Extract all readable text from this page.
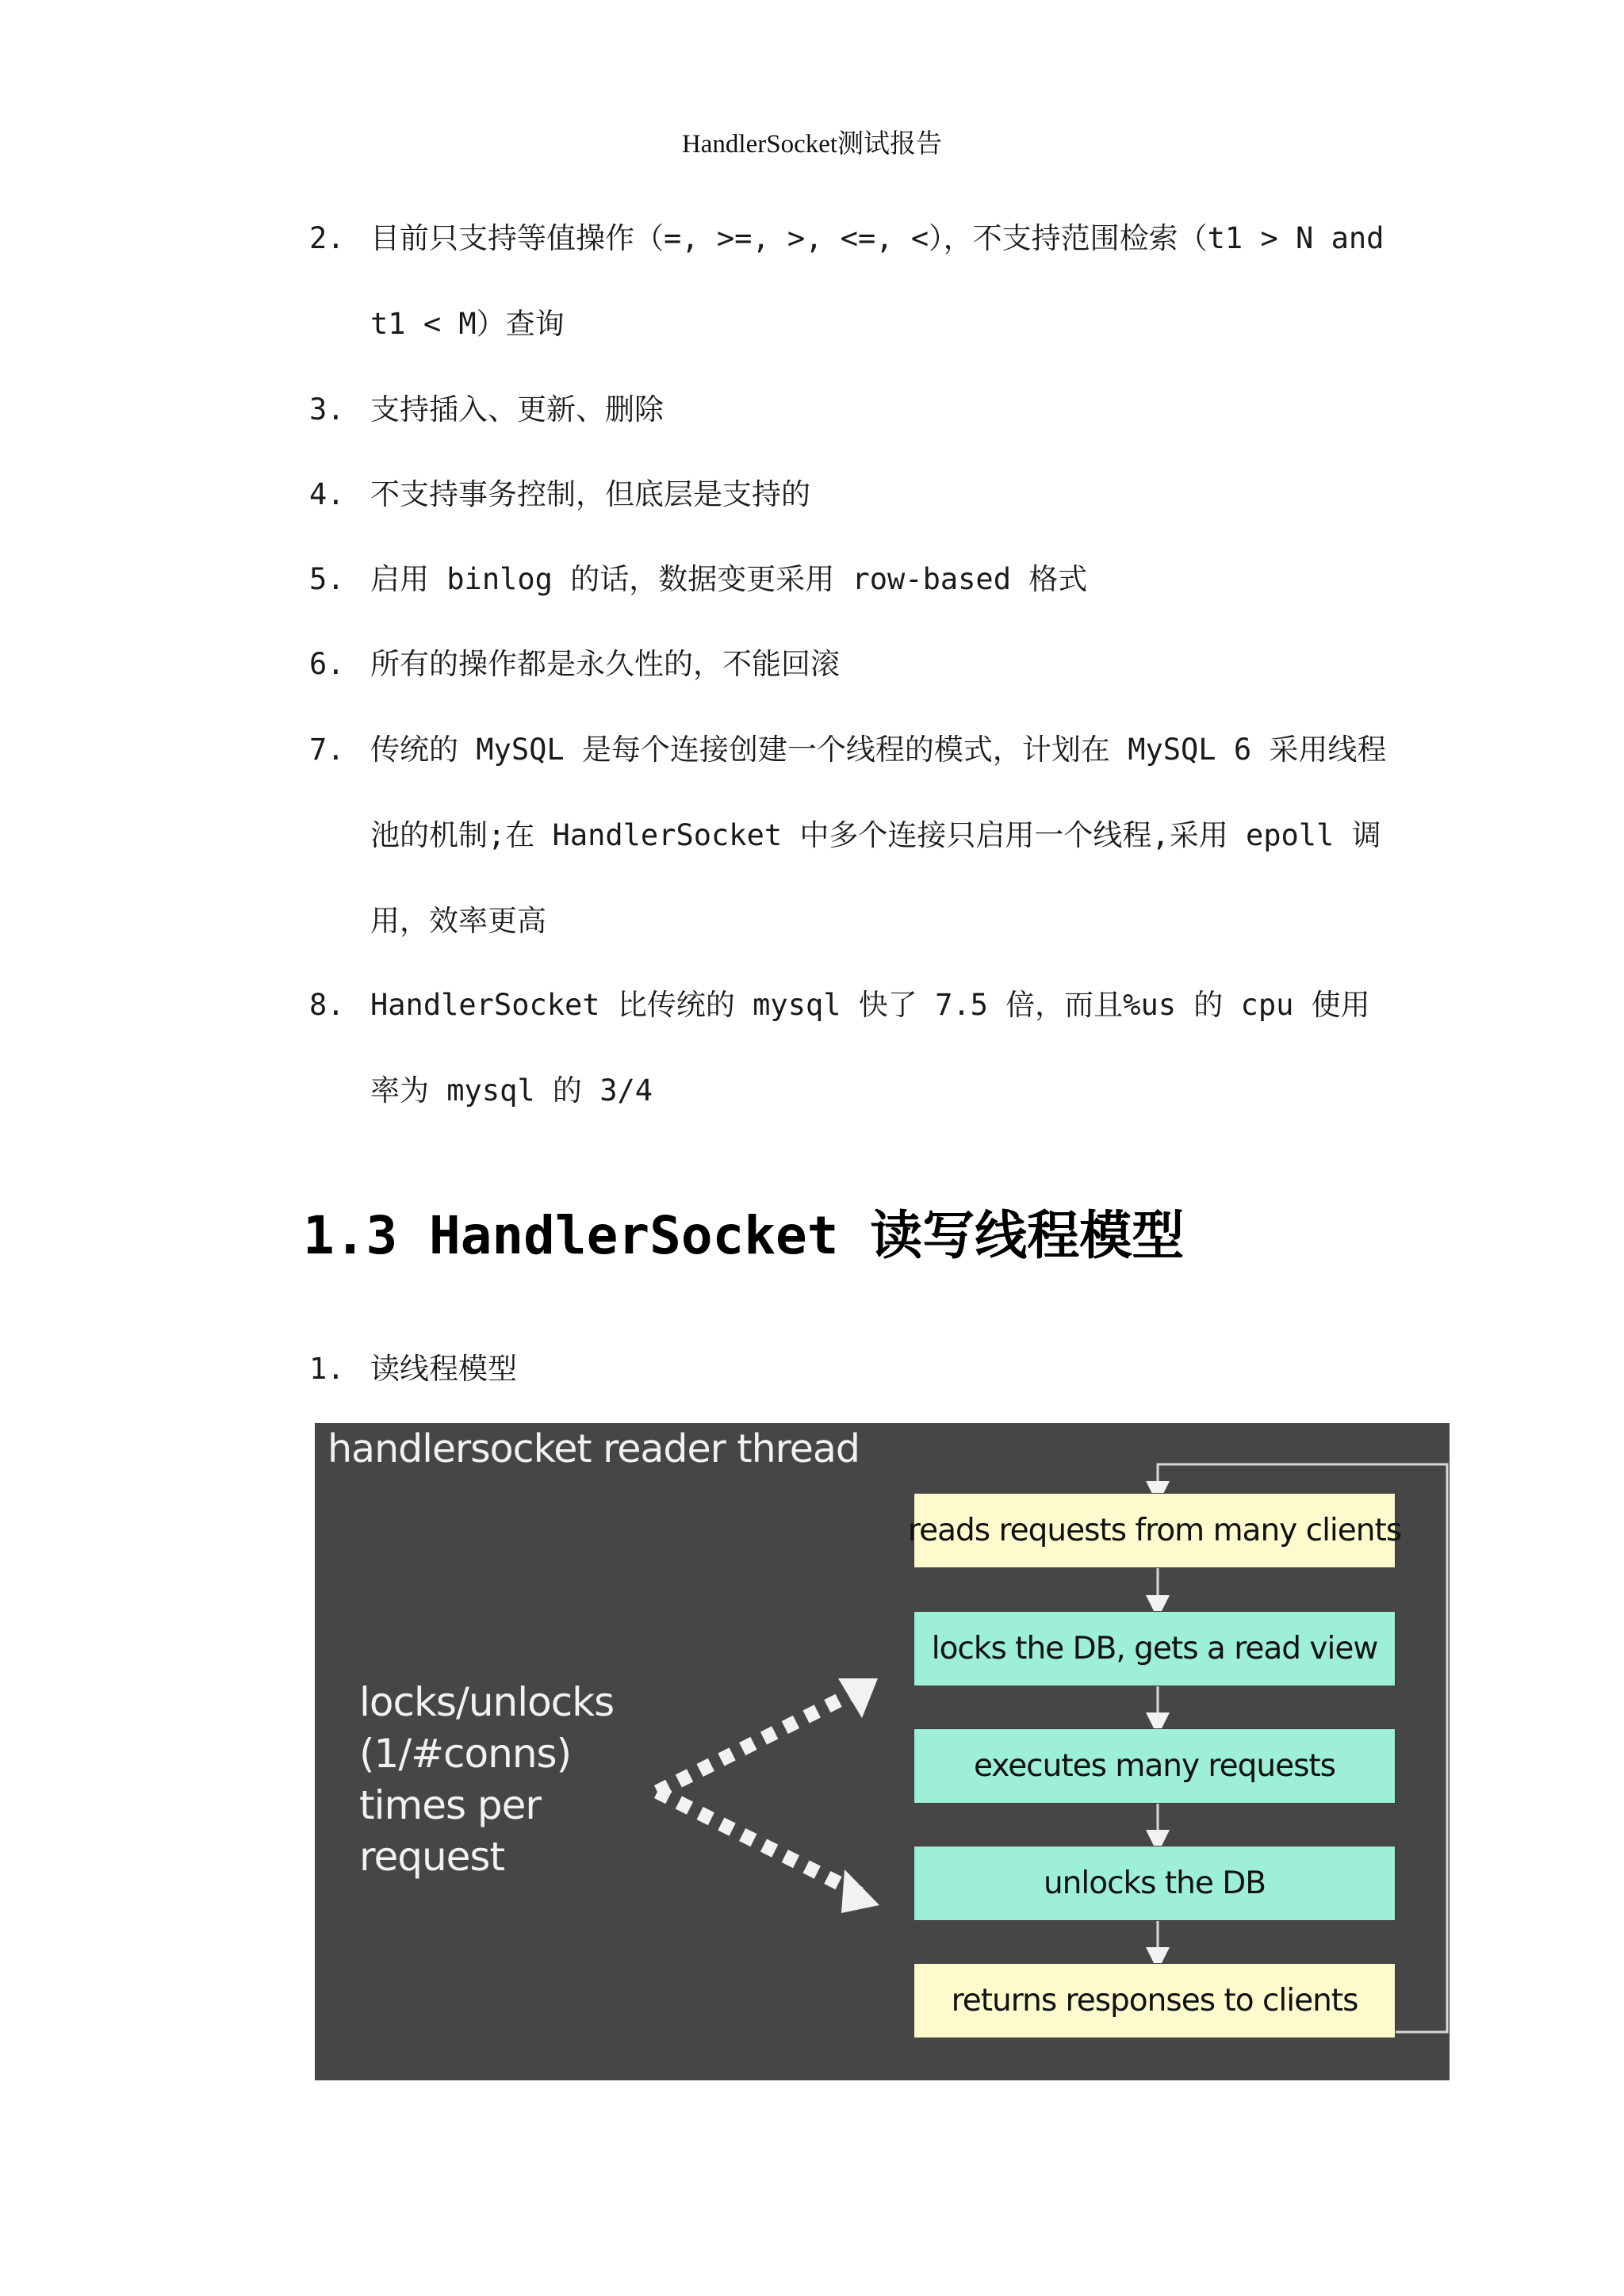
HandlerSocket测试报告
2. 目前只支持等值操作（=, >=, >, <=, <），不支持范围检索（t1 > N and t1 < M）查询
3. 支持插入、更新、删除
4. 不支持事务控制，但底层是支持的
5. 启用 binlog 的话，数据变更采用 row-based 格式
6. 所有的操作都是永久性的，不能回滚
7. 传统的 MySQL 是每个连接创建一个线程的模式，计划在 MySQL 6 采用线程池的机制;在 HandlerSocket 中多个连接只启用一个线程,采用 epoll 调用，效率更高
8. HandlerSocket 比传统的 mysql 快了 7.5 倍，而且%us 的 cpu 使用率为 mysql 的 3/4
1.3 HandlerSocket 读写线程模型
1. 读线程模型
handlersocket reader thread
locks/unlocks
(1/#conns)
times per
request
reads requests from many clients
locks the DB, gets a read view
executes many requests
unlocks the DB
returns responses to clients
